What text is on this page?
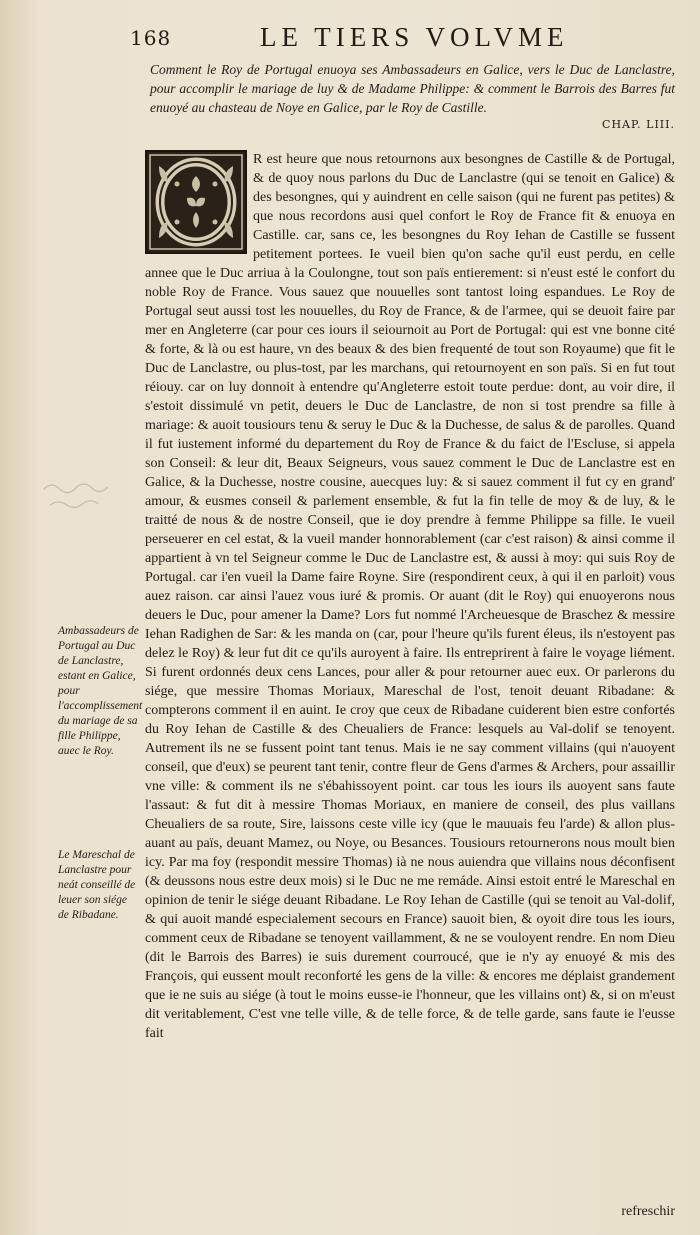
168	LE TIERS VOLVME
Comment le Roy de Portugal enuoya ses Ambassadeurs en Galice, vers le Duc de Lanclastre, pour accomplir le mariage de luy & de Madame Philippe: & comment le Barrois des Barres fut enuoyé au chasteau de Noye en Galice, par le Roy de Castille.
CHAP. LIII.

R est heure que nous retournons aux besongnes de Castille & de Portugal, & de quoy nous parlons du Duc de Lanclastre (qui se tenoit en Galice) & des besongnes, qui y auindrent en celle saison (qui ne furent pas petites) & que nous recordons ausi quel confort le Roy de France fit & enuoya en Castille. car, sans ce, les besongnes du Roy Iehan de Castille se fussent petitement portees. Ie vueil bien qu'on sache qu'il eust perdu, en celle annee que le Duc arriua à la Coulongne, tout son païs entierement: si n'eust esté le confort du noble Roy de France. Vous sauez que nouuelles sont tantost loing espandues. Le Roy de Portugal seut aussi tost les nouuelles, du Roy de France, & de l'armee, qui se deuoit faire par mer en Angleterre (car pour ces iours il seiournoit au Port de Portugal: qui est vne bonne cité & forte, & là ou est haure, vn des beaux & des bien frequenté de tout son Royaume) que fit le Duc de Lanclastre, ou plus-tost, par les marchans, qui retournoyent en son païs. Si en fut tout réiouy. car on luy donnoit à entendre qu'Angleterre estoit toute perdue: dont, au voir dire, il s'estoit dissimulé vn petit, deuers le Duc de Lanclastre, de non si tost prendre sa fille à mariage: & auoit tousiours tenu & seruy le Duc & la Duchesse, de salus & de parolles. Quand il fut iustement informé du departement du Roy de France & du faict de l'Escluse, si appela son Conseil: & leur dit, Beaux Seigneurs, vous sauez comment le Duc de Lanclastre est en Galice, & la Duchesse, nostre cousine, auecques luy: & si sauez comment il fut cy en grand' amour, & eusmes conseil & parlement ensemble, & fut la fin telle de moy & de luy, & le traitté de nous & de nostre Conseil, que ie doy prendre à femme Philippe sa fille. Ie vueil perseuerer en cel estat, & la vueil mander honnorablement (car c'est raison) & ainsi comme il appartient à vn tel Seigneur comme le Duc de Lanclastre est, & aussi à moy: qui suis Roy de Portugal. car i'en vueil la Dame faire Royne. Sire (respondirent ceux, à qui il en parloit) vous auez raison. car ainsi l'auez vous iuré & promis. Or auant (dit le Roy) qui enuoyerons nous deuers le Duc, pour amener la Dame? Lors fut nommé l'Archeuesque de Braschez & messire Iehan Radighen de Sar: & les manda on (car, pour l'heure qu'ils furent éleus, ils n'estoyent pas delez le Roy) & leur fut dit ce qu'ils auroyent à faire. Ils entreprirent à faire le voyage liément. Si furent ordonnés deux cens Lances, pour aller & pour retourner auec eux. Or parlerons du siége, que messire Thomas Moriaux, Mareschal de l'ost, tenoit deuant Ribadane: & compterons comment il en auint. Ie croy que ceux de Ribadane cuiderent bien estre confortés du Roy Iehan de Castille & des Cheualiers de France: lesquels au Val-dolif se tenoyent. Autrement ils ne se fussent point tant tenus. Mais ie ne say comment villains (qui n'auoyent conseil, que d'eux) se peurent tant tenir, contre fleur de Gens d'armes & Archers, pour assaillir vne ville: & comment ils ne s'ébahissoyent point. car tous les iours ils auoyent sans faute l'assaut: & fut dit à messire Thomas Moriaux, en maniere de conseil, des plus vaillans Cheualiers de sa route, Sire, laissons ceste ville icy (que le mauuais feu l'arde) & allon plus-auant au païs, deuant Mamez, ou Noye, ou Besances. Tousiours retournerons nous moult bien icy. Par ma foy (respondit messire Thomas) ià ne nous auiendra que villains nous déconfisent (& deussons nous estre deux mois) si le Duc ne me remáde. Ainsi estoit entré le Mareschal en opinion de tenir le siége deuant Ribadane. Le Roy Iehan de Castille (qui se tenoit au Val-dolif, & qui auoit mandé especialement secours en France) sauoit bien, & oyoit dire tous les iours, comment ceux de Ribadane se tenoyent vaillamment, & ne se vouloyent rendre. En nom Dieu (dit le Barrois des Barres) ie suis durement courroucé, que ie n'y ay enuoyé & mis des François, qui eussent moult reconforté les gens de la ville: & encores me déplaist grandement que ie ne suis au siége (à tout le moins eusse-ie l'honneur, que les villains ont) &, si on m'eust dit veritablement, C'est vne telle ville, & de telle force, & de telle garde, sans faute ie l'eusse fait

Ambassadeurs de Portugal au Duc de Lanclastre, estant en Galice, pour l'accomplissement du mariage de sa fille Philippe, auec le Roy.
Le Mareschal de Lanclastre pour neát conseillé de leuer son siége de Ribadane.
refreschir
